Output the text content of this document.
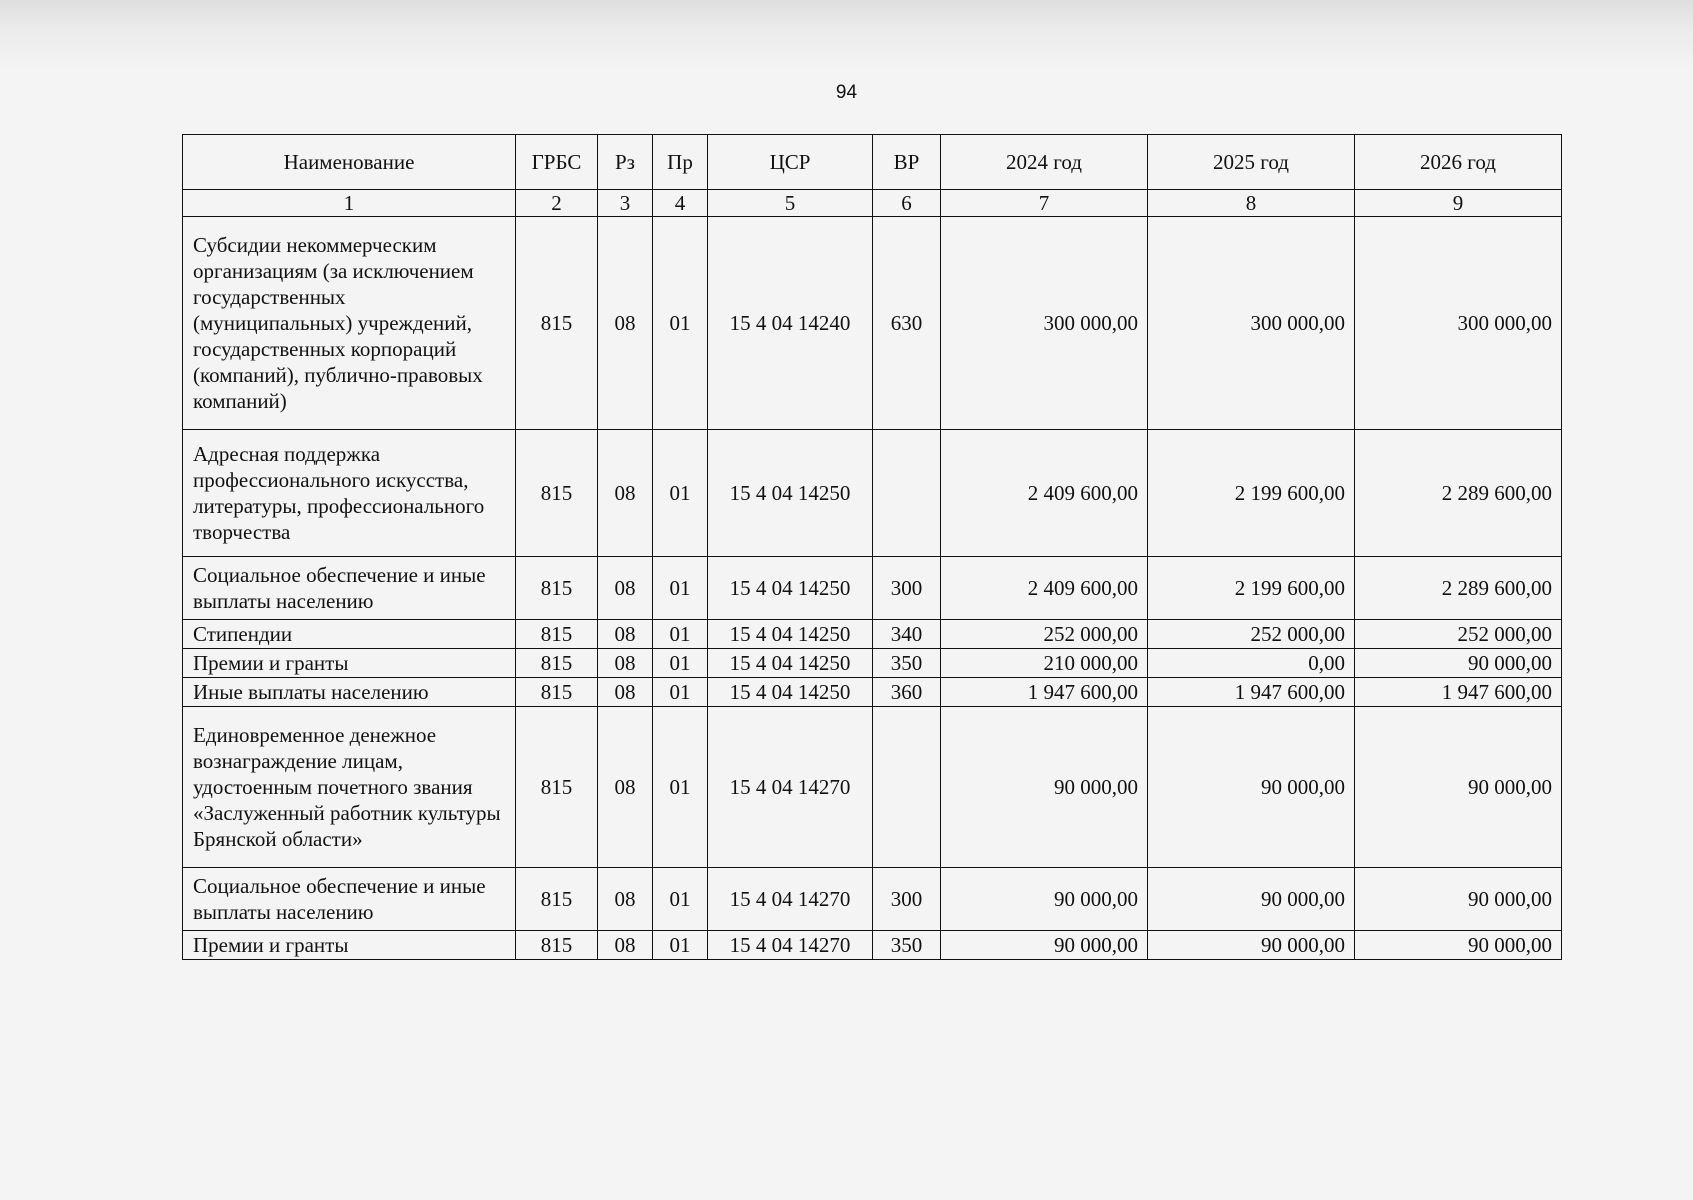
94
Наименование	ГРБС	Рз	Пр	ЦСР	ВР	2024 год	2025 год	2026 год
1	2	3	4	5	6	7	8	9
Субсидии некоммерческим организациям (за исключением государственных (муниципальных) учреждений, государственных корпораций (компаний), публично-правовых компаний)	815	08	01	15 4 04 14240	630	300 000,00	300 000,00	300 000,00
Адресная поддержка профессионального искусства, литературы, профессионального творчества	815	08	01	15 4 04 14250		2 409 600,00	2 199 600,00	2 289 600,00
Социальное обеспечение и иные выплаты населению	815	08	01	15 4 04 14250	300	2 409 600,00	2 199 600,00	2 289 600,00
Стипендии	815	08	01	15 4 04 14250	340	252 000,00	252 000,00	252 000,00
Премии и гранты	815	08	01	15 4 04 14250	350	210 000,00	0,00	90 000,00
Иные выплаты населению	815	08	01	15 4 04 14250	360	1 947 600,00	1 947 600,00	1 947 600,00
Единовременное денежное вознаграждение лицам, удостоенным почетного звания «Заслуженный работник культуры Брянской области»	815	08	01	15 4 04 14270		90 000,00	90 000,00	90 000,00
Социальное обеспечение и иные выплаты населению	815	08	01	15 4 04 14270	300	90 000,00	90 000,00	90 000,00
Премии и гранты	815	08	01	15 4 04 14270	350	90 000,00	90 000,00	90 000,00
